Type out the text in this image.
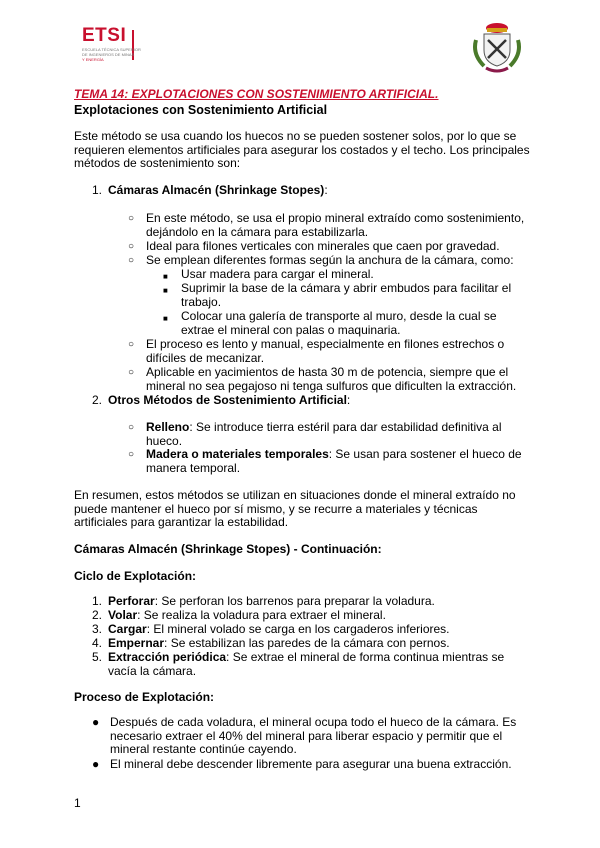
ETSI
ESCUELA TÉCNICA SUPERIOR
DE INGENIEROS DE MINAS
Y ENERGÍA
TEMA 14: EXPLOTACIONES CON SOSTENIMIENTO ARTIFICIAL.
Explotaciones con Sostenimiento Artificial
Este método se usa cuando los huecos no se pueden sostener solos, por lo que se requieren elementos artificiales para asegurar los costados y el techo. Los principales métodos de sostenimiento son:
1. Cámaras Almacén (Shrinkage Stopes):
○ En este método, se usa el propio mineral extraído como sostenimiento, dejándolo en la cámara para estabilizarla.
○ Ideal para filones verticales con minerales que caen por gravedad.
○ Se emplean diferentes formas según la anchura de la cámara, como:
■ Usar madera para cargar el mineral.
■ Suprimir la base de la cámara y abrir embudos para facilitar el trabajo.
■ Colocar una galería de transporte al muro, desde la cual se extrae el mineral con palas o maquinaria.
○ El proceso es lento y manual, especialmente en filones estrechos o difíciles de mecanizar.
○ Aplicable en yacimientos de hasta 30 m de potencia, siempre que el mineral no sea pegajoso ni tenga sulfuros que dificulten la extracción.
2. Otros Métodos de Sostenimiento Artificial:
○ Relleno: Se introduce tierra estéril para dar estabilidad definitiva al hueco.
○ Madera o materiales temporales: Se usan para sostener el hueco de manera temporal.
En resumen, estos métodos se utilizan en situaciones donde el mineral extraído no puede mantener el hueco por sí mismo, y se recurre a materiales y técnicas artificiales para garantizar la estabilidad.
Cámaras Almacén (Shrinkage Stopes) - Continuación:
Ciclo de Explotación:
1. Perforar: Se perforan los barrenos para preparar la voladura.
2. Volar: Se realiza la voladura para extraer el mineral.
3. Cargar: El mineral volado se carga en los cargaderos inferiores.
4. Empernar: Se estabilizan las paredes de la cámara con pernos.
5. Extracción periódica: Se extrae el mineral de forma continua mientras se vacía la cámara.
Proceso de Explotación:
● Después de cada voladura, el mineral ocupa todo el hueco de la cámara. Es necesario extraer el 40% del mineral para liberar espacio y permitir que el mineral restante continúe cayendo.
● El mineral debe descender libremente para asegurar una buena extracción.
1
